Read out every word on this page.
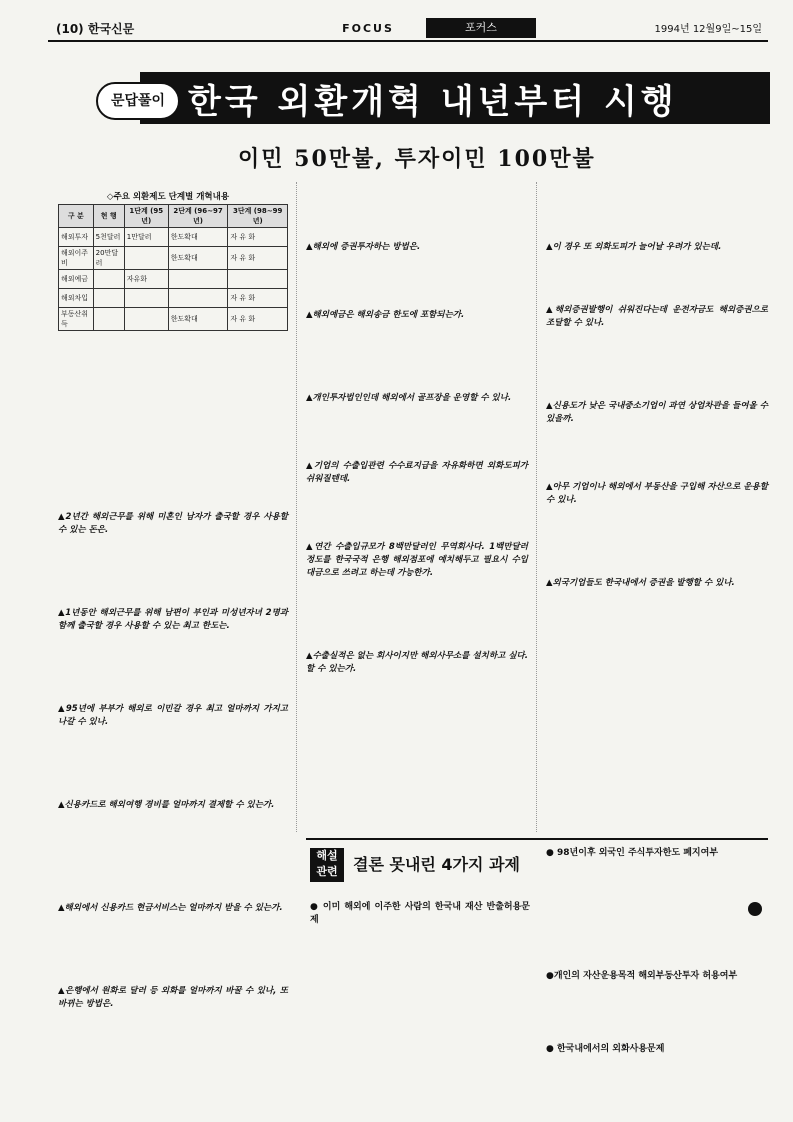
(10) 한국신문	FOCUS	포커스	1994년 12월9일~15일
문답풀이 한국 외환개혁 내년부터 시행
이민 50만불, 투자이민 100만불
◇주요 외환제도 단계별 개혁내용
구 분	현 행	1단계 (95년)	2단계 (96~97년)	3단계 (98~99년)
해외투자	5천달러	1만달러	한도확대	자 유 화
해외이주비	20만달러		한도확대	자 유 화
해외예금		자유화		
해외차입				자 유 화
부동산취득			한도확대	자 유 화

▲2년간 해외근무를 위해 미혼인 남자가 출국할 경우 사용할 수 있는 돈은.

▲1년동안 해외근무를 위해 남편이 부인과 미성년자녀 2명과 함께 출국할 경우 사용할 수 있는 최고 한도는.

▲95년에 부부가 해외로 이민갈 경우 최고 얼마까지 가지고 나갈 수 있나.

▲신용카드로 해외여행 경비를 얼마까지 결제할 수 있는가.

▲해외에서 신용카드 현금서비스는 얼마까지 받을 수 있는가.

▲은행에서 원화로 달러 등 외화를 얼마까지 바꿀 수 있나, 또 바뀌는 방법은.

▲해외에 증권투자하는 방법은.

▲해외예금은 해외송금 한도에 포함되는가.

▲개인투자법인인데 해외에서 골프장을 운영할 수 있나.

▲기업의 수출입관련 수수료지급을 자유화하면 외화도피가 쉬워질텐데.

▲연간 수출입규모가 8백만달러인 무역회사다. 1백만달러 정도를 한국국적 은행 해외점포에 예치해두고 필요시 수입대금으로 쓰려고 하는데 가능한가.

▲수출실적은 없는 회사이지만 해외사무소를 설치하고 싶다. 할 수 있는가.

▲이 경우 또 외화도피가 늘어날 우려가 있는데.

▲해외증권발행이 쉬워진다는데 운전자금도 해외증권으로 조달할 수 있나.

▲신용도가 낮은 국내중소기업이 과연 상업차관을 들여올 수 있을까.

▲아무 기업이나 해외에서 부동산을 구입해 자산으로 운용할 수 있나.

▲외국기업들도 한국내에서 증권을 발행할 수 있나.

해설 관련 결론 못내린 4가지 과제

● 이미 해외에 이주한 사람의 한국내 재산 반출허용문제

● 98년이후 외국인 주식투자한도 폐지여부

●개인의 자산운용목적 해외부동산투자 허용여부

● 한국내에서의 외화사용문제
